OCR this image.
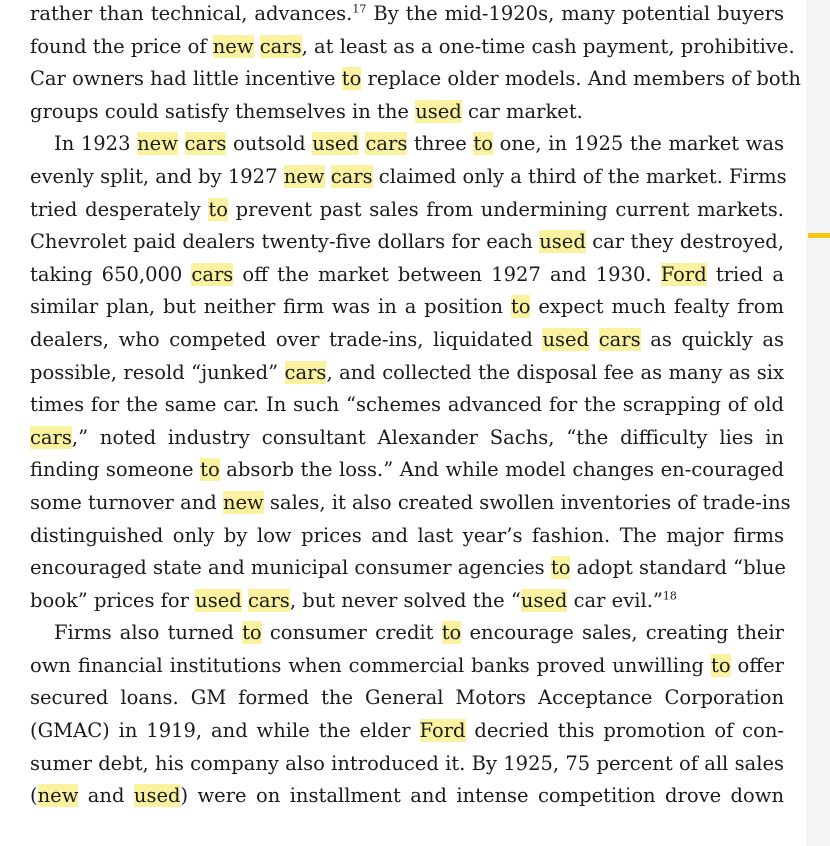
rather than technical, advances.$^{17}$ By the mid-1920s, many potential buyers
found the price of new cars, at least as a one-time cash payment, prohibitive.
Car owners had little incentive to replace older models. And members of both
groups could satisfy themselves in the used car market.
In 1923 new cars outsold used cars three to one, in 1925 the market was
evenly split, and by 1927 new cars claimed only a third of the market. Firms
tried desperately to prevent past sales from undermining current markets.
Chevrolet paid dealers twenty-five dollars for each used car they destroyed,
taking 650,000 cars off the market between 1927 and 1930. Ford tried a
similar plan, but neither firm was in a position to expect much fealty from
dealers, who competed over trade-ins, liquidated used cars as quickly as
possible, resold “junked” cars, and collected the disposal fee as many as six
times for the same car. In such “schemes advanced for the scrapping of old
cars,” noted industry consultant Alexander Sachs, “the difficulty lies in
finding someone to absorb the loss.” And while model changes en-couraged
some turnover and new sales, it also created swollen inventories of trade-ins
distinguished only by low prices and last year’s fashion. The major firms
encouraged state and municipal consumer agencies to adopt standard “blue
book” prices for used cars, but never solved the “used car evil.”$^{18}$
Firms also turned to consumer credit to encourage sales, creating their
own financial institutions when commercial banks proved unwilling to offer
secured loans. GM formed the General Motors Acceptance Corporation
(GMAC) in 1919, and while the elder Ford decried this promotion of con-
sumer debt, his company also introduced it. By 1925, 75 percent of all sales
(new and used) were on installment and intense competition drove down
